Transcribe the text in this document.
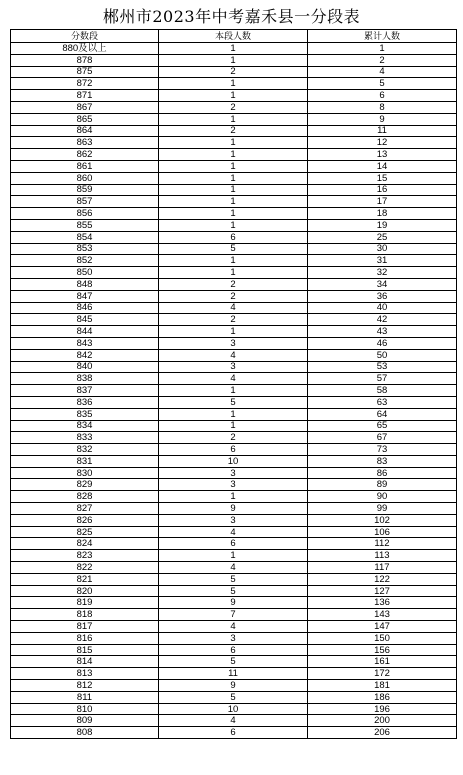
郴州市2023年中考嘉禾县一分段表
分数段	本段人数	累计人数
880及以上	1	1
878	1	2
875	2	4
872	1	5
871	1	6
867	2	8
865	1	9
864	2	11
863	1	12
862	1	13
861	1	14
860	1	15
859	1	16
857	1	17
856	1	18
855	1	19
854	6	25
853	5	30
852	1	31
850	1	32
848	2	34
847	2	36
846	4	40
845	2	42
844	1	43
843	3	46
842	4	50
840	3	53
838	4	57
837	1	58
836	5	63
835	1	64
834	1	65
833	2	67
832	6	73
831	10	83
830	3	86
829	3	89
828	1	90
827	9	99
826	3	102
825	4	106
824	6	112
823	1	113
822	4	117
821	5	122
820	5	127
819	9	136
818	7	143
817	4	147
816	3	150
815	6	156
814	5	161
813	11	172
812	9	181
811	5	186
810	10	196
809	4	200
808	6	206
